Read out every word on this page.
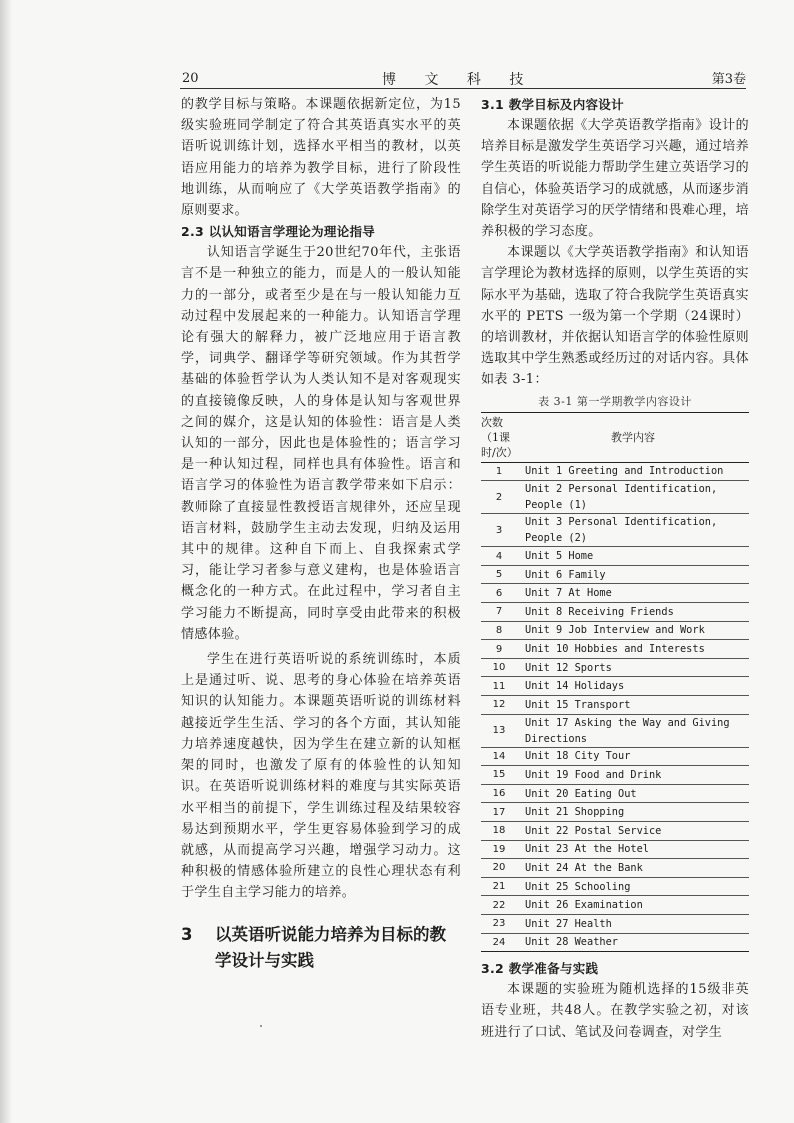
20	博 文 科 技	第3卷

的教学目标与策略。本课题依据新定位，为15级实验班同学制定了符合其英语真实水平的英语听说训练计划，选择水平相当的教材，以英语应用能力的培养为教学目标，进行了阶段性地训练，从而响应了《大学英语教学指南》的原则要求。

2.3 以认知语言学理论为理论指导

认知语言学诞生于20世纪70年代，主张语言不是一种独立的能力，而是人的一般认知能力的一部分，或者至少是在与一般认知能力互动过程中发展起来的一种能力。认知语言学理论有强大的解释力，被广泛地应用于语言教学，词典学、翻译学等研究领域。作为其哲学基础的体验哲学认为人类认知不是对客观现实的直接镜像反映，人的身体是认知与客观世界之间的媒介，这是认知的体验性：语言是人类认知的一部分，因此也是体验性的；语言学习是一种认知过程，同样也具有体验性。语言和语言学习的体验性为语言教学带来如下启示：教师除了直接显性教授语言规律外，还应呈现语言材料，鼓励学生主动去发现，归纳及运用其中的规律。这种自下而上、自我探索式学习，能让学习者参与意义建构，也是体验语言概念化的一种方式。在此过程中，学习者自主学习能力不断提高，同时享受由此带来的积极情感体验。

学生在进行英语听说的系统训练时，本质上是通过听、说、思考的身心体验在培养英语知识的认知能力。本课题英语听说的训练材料越接近学生生活、学习的各个方面，其认知能力培养速度越快，因为学生在建立新的认知框架的同时，也激发了原有的体验性的认知知识。在英语听说训练材料的难度与其实际英语水平相当的前提下，学生训练过程及结果较容易达到预期水平，学生更容易体验到学习的成就感，从而提高学习兴趣，增强学习动力。这种积极的情感体验所建立的良性心理状态有利于学生自主学习能力的培养。

3	以英语听说能力培养为目标的教学设计与实践

3.1 教学目标及内容设计

本课题依据《大学英语教学指南》设计的培养目标是激发学生英语学习兴趣，通过培养学生英语的听说能力帮助学生建立英语学习的自信心，体验英语学习的成就感，从而逐步消除学生对英语学习的厌学情绪和畏难心理，培养积极的学习态度。

本课题以《大学英语教学指南》和认知语言学理论为教材选择的原则，以学生英语的实际水平为基础，选取了符合我院学生英语真实水平的 PETS 一级为第一个学期（24课时）的培训教材，并依据认知语言学的体验性原则选取其中学生熟悉或经历过的对话内容。具体如表 3-1：

表 3-1 第一学期教学内容设计
次数（1课时/次）	教学内容
1	Unit 1 Greeting and Introduction
2	Unit 2 Personal Identification, People (1)
3	Unit 3 Personal Identification, People (2)
4	Unit 5 Home
5	Unit 6 Family
6	Unit 7 At Home
7	Unit 8 Receiving Friends
8	Unit 9 Job Interview and Work
9	Unit 10 Hobbies and Interests
10	Unit 12 Sports
11	Unit 14 Holidays
12	Unit 15 Transport
13	Unit 17 Asking the Way and Giving Directions
14	Unit 18 City Tour
15	Unit 19 Food and Drink
16	Unit 20 Eating Out
17	Unit 21 Shopping
18	Unit 22 Postal Service
19	Unit 23 At the Hotel
20	Unit 24 At the Bank
21	Unit 25 Schooling
22	Unit 26 Examination
23	Unit 27 Health
24	Unit 28 Weather

3.2 教学准备与实践

本课题的实验班为随机选择的15级非英语专业班，共48人。在教学实验之初，对该班进行了口试、笔试及问卷调查，对学生
